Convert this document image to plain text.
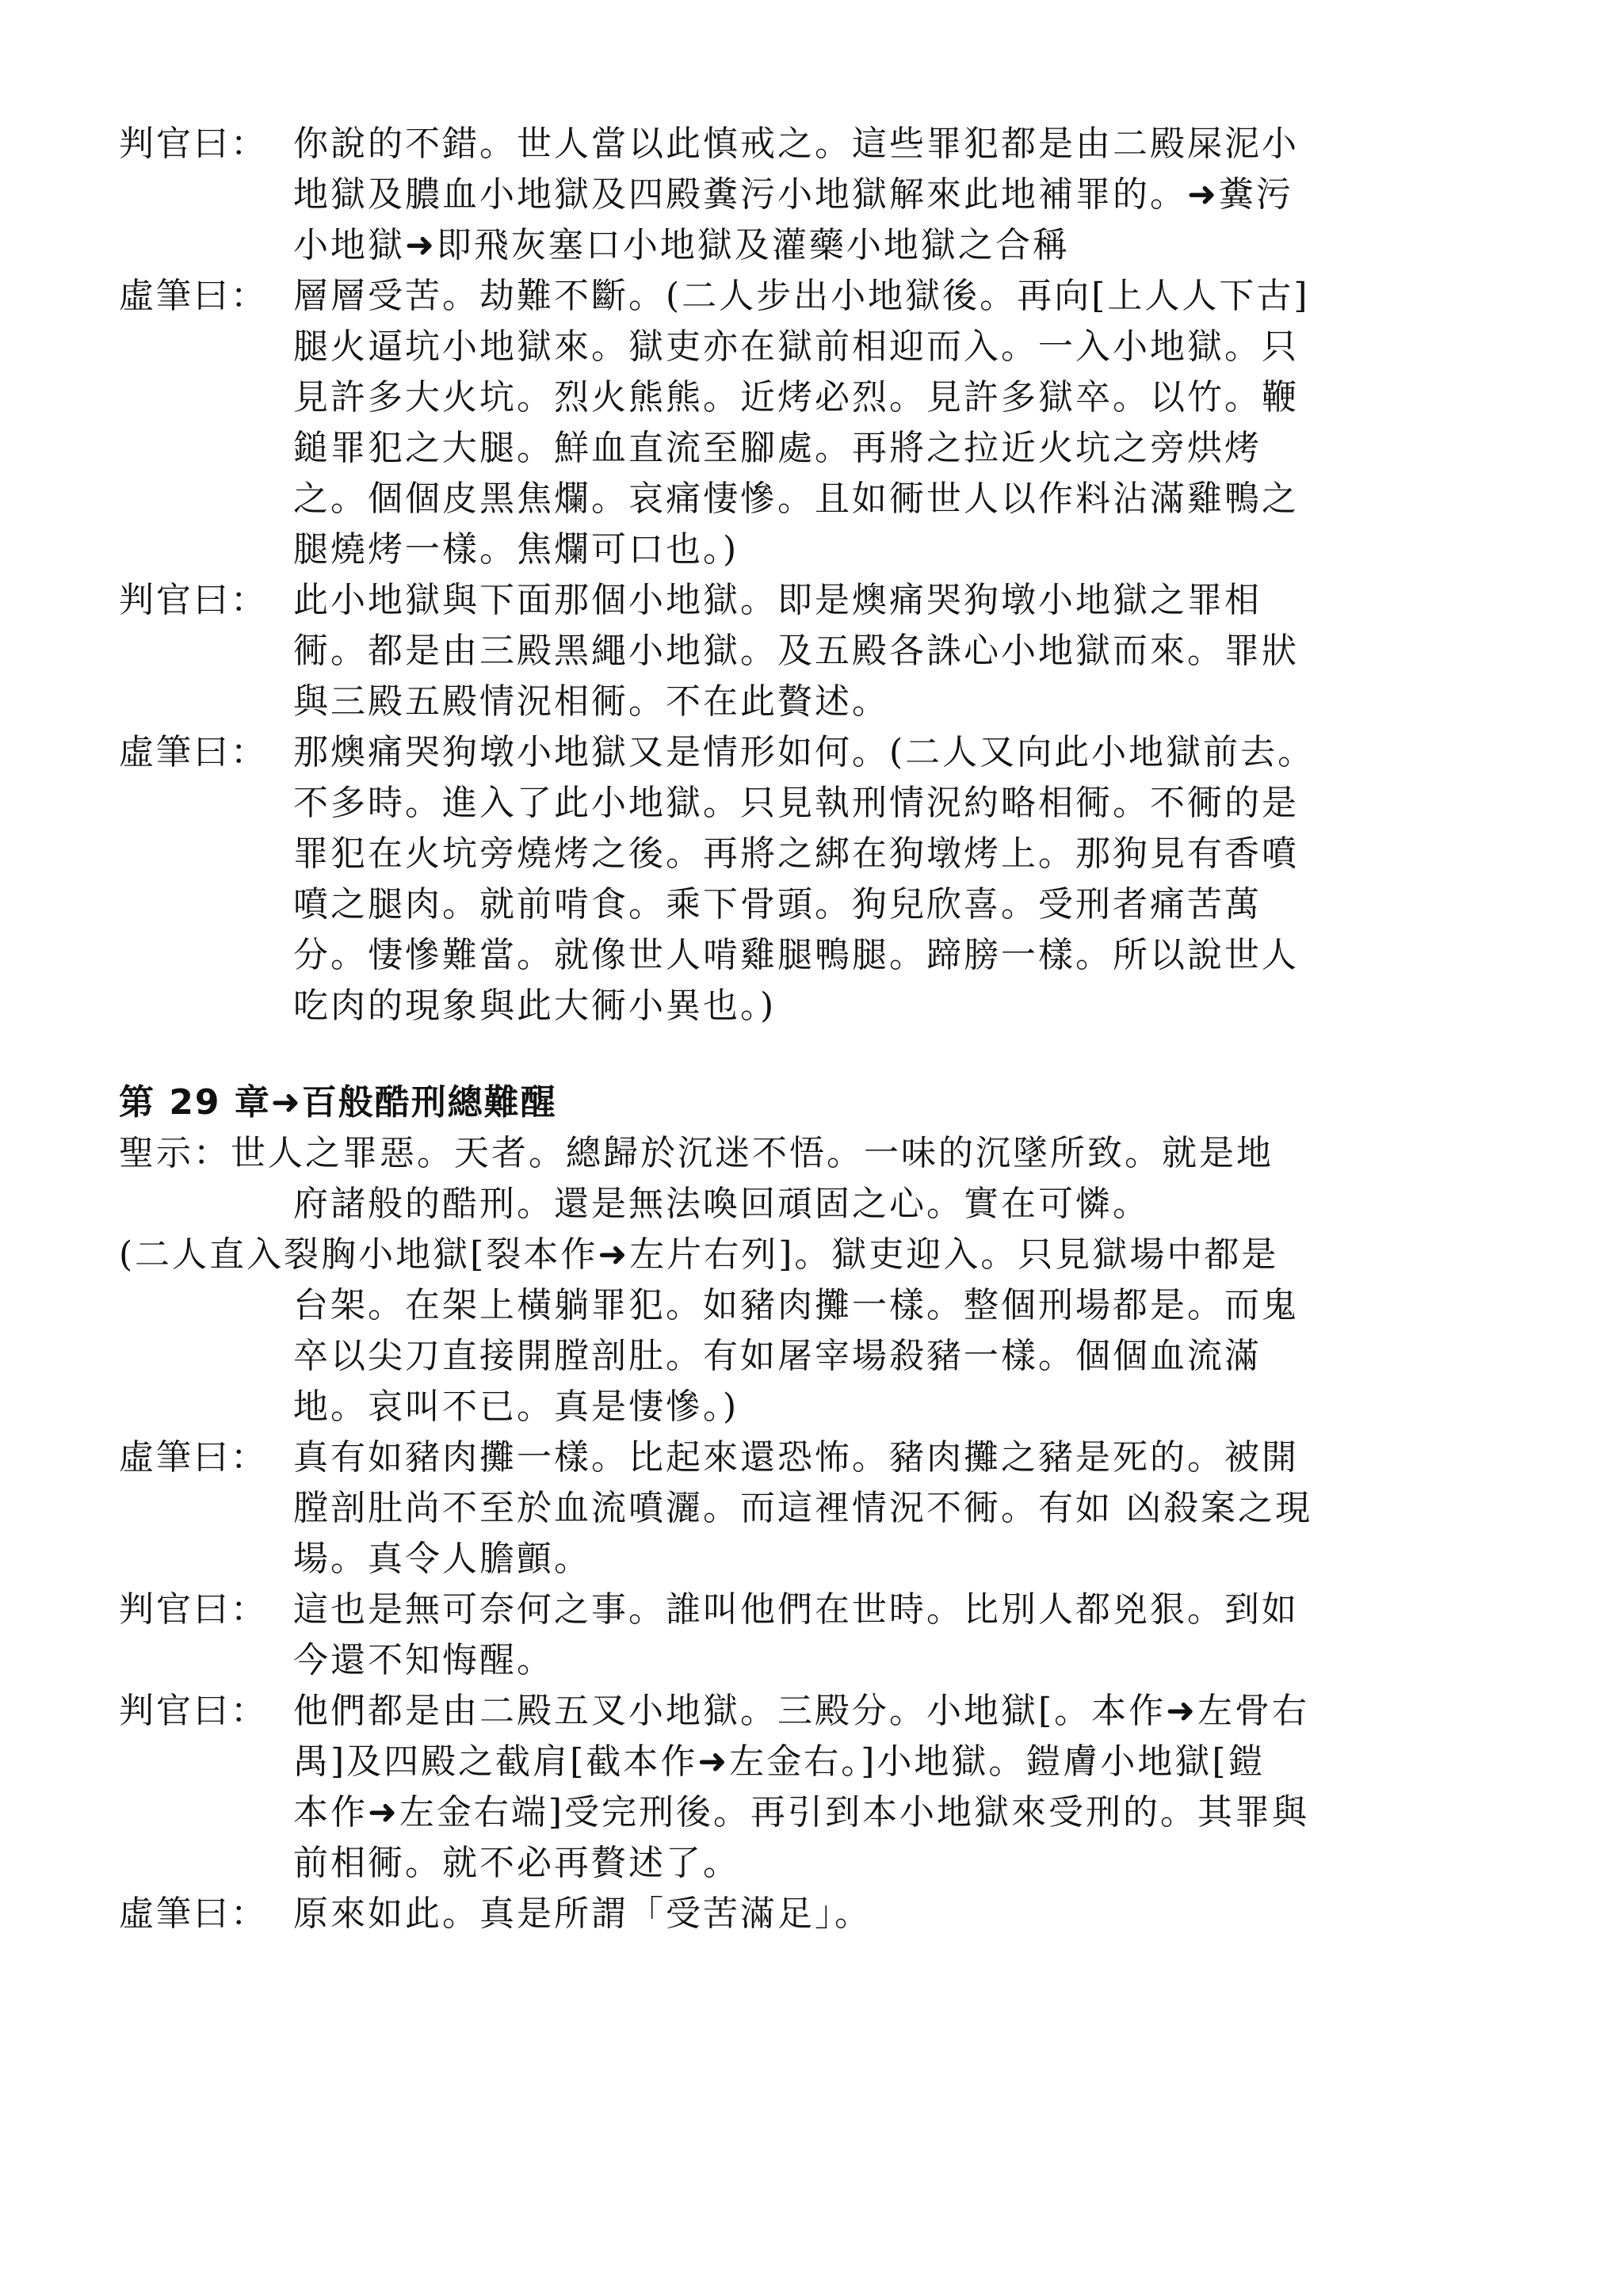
判官曰： 你說的不錯。世人當以此慎戒之。這些罪犯都是由二殿屎泥小
地獄及膿血小地獄及四殿糞污小地獄解來此地補罪的。➜糞污
小地獄➜即飛灰塞口小地獄及灌藥小地獄之合稱
虛筆曰： 層層受苦。劫難不斷。(二人步出小地獄後。再向[上人人下古]
腿火逼坑小地獄來。獄吏亦在獄前相迎而入。一入小地獄。只
見許多大火坑。烈火熊熊。近烤必烈。見許多獄卒。以竹。鞭
鎚罪犯之大腿。鮮血直流至腳處。再將之拉近火坑之旁烘烤
之。個個皮黑焦爛。哀痛悽慘。且如衕世人以作料沾滿雞鴨之
腿燒烤一樣。焦爛可口也。)
判官曰： 此小地獄與下面那個小地獄。即是燠痛哭狗墩小地獄之罪相
衕。都是由三殿黑繩小地獄。及五殿各誅心小地獄而來。罪狀
與三殿五殿情況相衕。不在此贅述。
虛筆曰： 那燠痛哭狗墩小地獄又是情形如何。(二人又向此小地獄前去。
不多時。進入了此小地獄。只見執刑情況約略相衕。不衕的是
罪犯在火坑旁燒烤之後。再將之綁在狗墩烤上。那狗見有香噴
噴之腿肉。就前啃食。乘下骨頭。狗兒欣喜。受刑者痛苦萬
分。悽慘難當。就像世人啃雞腿鴨腿。蹄膀一樣。所以說世人
吃肉的現象與此大衕小異也。)
第 29 章➜百般酷刑總難醒
聖示：世人之罪惡。天者。總歸於沉迷不悟。一味的沉墜所致。就是地
府諸般的酷刑。還是無法喚回頑固之心。實在可憐。
(二人直入裂胸小地獄[裂本作➜左片右列]。獄吏迎入。只見獄場中都是
台架。在架上橫躺罪犯。如豬肉攤一樣。整個刑場都是。而鬼
卒以尖刀直接開膛剖肚。有如屠宰場殺豬一樣。個個血流滿
地。哀叫不已。真是悽慘。)
虛筆曰： 真有如豬肉攤一樣。比起來還恐怖。豬肉攤之豬是死的。被開
膛剖肚尚不至於血流噴灑。而這裡情況不衕。有如 凶殺案之現
場。真令人膽顫。
判官曰： 這也是無可奈何之事。誰叫他們在世時。比別人都兇狠。到如
今還不知悔醒。
判官曰： 他們都是由二殿五叉小地獄。三殿分。小地獄[。本作➜左骨右
禺]及四殿之截肩[截本作➜左金右。]小地獄。鎧膚小地獄[鎧
本作➜左金右端]受完刑後。再引到本小地獄來受刑的。其罪與
前相衕。就不必再贅述了。
虛筆曰： 原來如此。真是所謂「受苦滿足」。
